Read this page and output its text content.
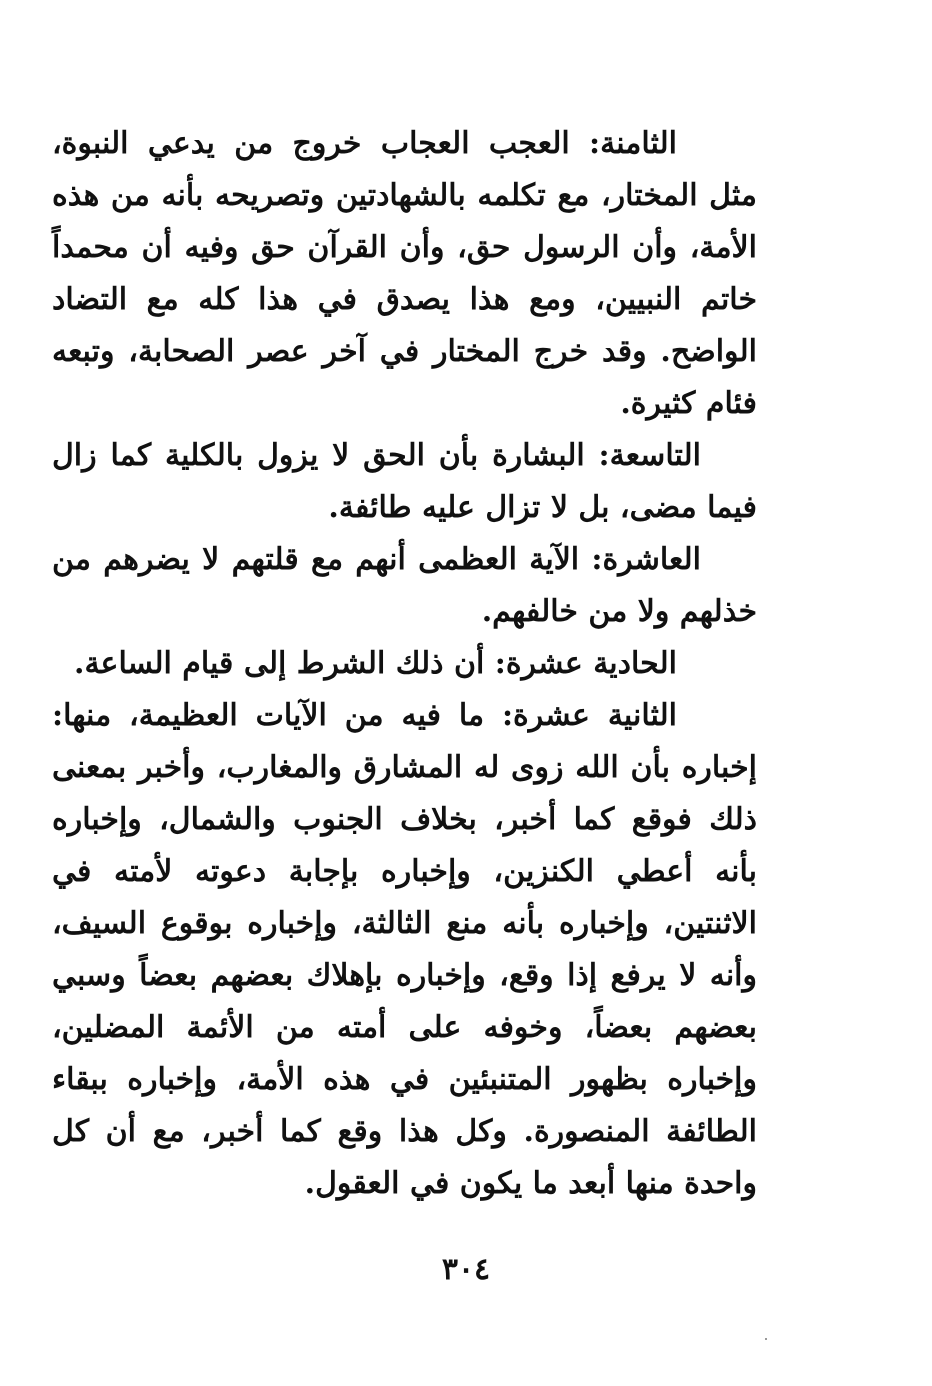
الثامنة: العجب العجاب خروج من يدعي النبوة،
مثل المختار، مع تكلمه بالشهادتين وتصريحه بأنه من هذه
الأمة، وأن الرسول حق، وأن القرآن حق وفيه أن محمداً
خاتم النبيين، ومع هذا يصدق في هذا كله مع التضاد
الواضح. وقد خرج المختار في آخر عصر الصحابة، وتبعه
فئام كثيرة.
التاسعة: البشارة بأن الحق لا يزول بالكلية كما زال
فيما مضى، بل لا تزال عليه طائفة.
العاشرة: الآية العظمى أنهم مع قلتهم لا يضرهم من
خذلهم ولا من خالفهم.
الحادية عشرة: أن ذلك الشرط إلى قيام الساعة.
الثانية عشرة: ما فيه من الآيات العظيمة، منها:
إخباره بأن الله زوى له المشارق والمغارب، وأخبر بمعنى
ذلك فوقع كما أخبر، بخلاف الجنوب والشمال، وإخباره
بأنه أعطي الكنزين، وإخباره بإجابة دعوته لأمته في
الاثنتين، وإخباره بأنه منع الثالثة، وإخباره بوقوع السيف،
وأنه لا يرفع إذا وقع، وإخباره بإهلاك بعضهم بعضاً وسبي
بعضهم بعضاً، وخوفه على أمته من الأئمة المضلين،
وإخباره بظهور المتنبئين في هذه الأمة، وإخباره ببقاء
الطائفة المنصورة. وكل هذا وقع كما أخبر، مع أن كل
واحدة منها أبعد ما يكون في العقول.
٣٠٤
